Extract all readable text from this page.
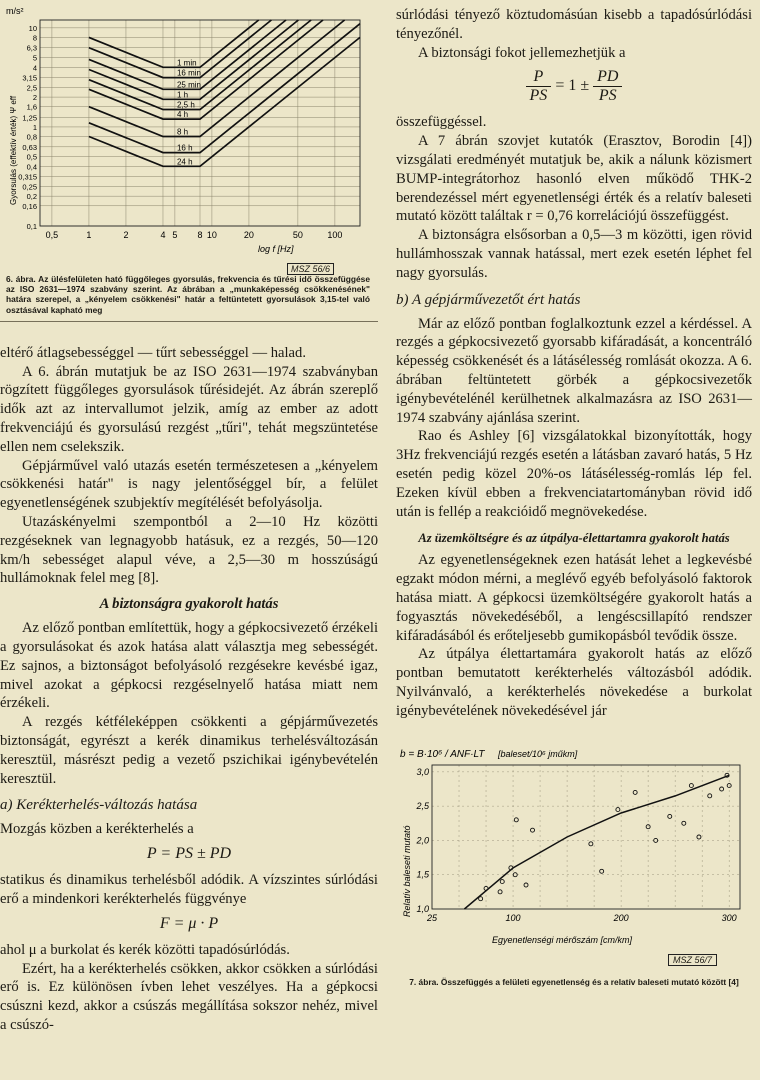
m/s²
Gyorsulás (effektív érték) Ψ eff
0,5	1	2	4 5 8 10	20	50	100
10
8
6,3
5
4
3,15
2,5
2
1,6
1,25
1
0,8
0,63
0,5
0,4
0,315
0,25
0,2
0,16
0,1
log f [Hz]
1 min
16 min
25 min
1 h
2,5 h
4 h
8 h
16 h
24 h
MSZ 56/6
6. ábra. Az ülésfelületen ható függőleges gyorsulás, frekvencia és tűrési idő összefüggése az ISO 2631—1974 szabvány szerint. Az ábrában a „munkaképesség csökkenésének" határa szerepel, a „kényelem csökkenési" határ a feltüntetett gyorsulások 3,15-tel való osztásával kapható meg

eltérő átlagsebességgel — tűrt sebességgel — halad.

A 6. ábrán mutatjuk be az ISO 2631—1974 szabványban rögzített függőleges gyorsulások tűrésidejét. Az ábrán szereplő idők azt az intervallumot jelzik, amíg az ember az adott frekvenciájú és gyorsulású rezgést „tűri", tehát megszüntetése ellen nem cselekszik.

Gépjárművel való utazás esetén természetesen a „kényelem csökkenési határ" is nagy jelentőséggel bír, a felület egyenetlenségének szubjektív megítélését befolyásolja.

Utazáskényelmi szempontból a 2—10 Hz közötti rezgéseknek van legnagyobb hatásuk, ez a rezgés, 50—120 km/h sebességet alapul véve, a 2,5—30 m hosszúságú hullámoknak felel meg [8].

A biztonságra gyakorolt hatás

Az előző pontban említettük, hogy a gépkocsivezető érzékeli a gyorsulásokat és azok hatása alatt választja meg sebességét. Ez sajnos, a biztonságot befolyásoló rezgésekre kevésbé igaz, mivel azokat a gépkocsi rezgéselnyelő hatása miatt nem érzékeli.

A rezgés kétféleképpen csökkenti a gépjárművezetés biztonságát, egyrészt a kerék dinamikus terhelésváltozásán keresztül, másrészt pedig a vezető pszichikai igénybevételén keresztül.

a) Kerékterhelés-változás hatása

Mozgás közben a kerékterhelés a

P = PS ± PD

statikus és dinamikus terhelésből adódik. A vízszintes súrlódási erő a mindenkori kerékterhelés függvénye

F = μ · P

ahol μ a burkolat és kerék közötti tapadósúrlódás.

Ezért, ha a kerékterhelés csökken, akkor csökken a súrlódási erő is. Ez különösen ívben lehet veszélyes. Ha a gépkocsi csúszni kezd, akkor a csúszás megállítása sokszor nehéz, mivel a csúszó-

súrlódási tényező köztudomásúan kisebb a tapadósúrlódási tényezőnél.

A biztonsági fokot jellemezhetjük a

$\frac{P}{PS} = 1 \pm \frac{PD}{PS}$

összefüggéssel.

A 7 ábrán szovjet kutatók (Erasztov, Borodin [4]) vizsgálati eredményét mutatjuk be, akik a nálunk közismert BUMP-integrátorhoz hasonló elven működő THK-2 berendezéssel mért egyenetlenségi érték és a relatív baleseti mutató között találtak r = 0,76 korrelációjú összefüggést.

A biztonságra elsősorban a 0,5—3 m közötti, igen rövid hullámhosszak vannak hatással, mert ezek esetén léphet fel nagy gyorsulás.

b) A gépjárművezetőt ért hatás

Már az előző pontban foglalkoztunk ezzel a kérdéssel. A rezgés a gépkocsivezető gyorsabb kifáradását, a koncentráló képesség csökkenését és a látásélesség romlását okozza. A 6. ábrában feltüntetett görbék a gépkocsivezetők igénybevételénél kerülhetnek alkalmazásra az ISO 2631—1974 szabvány ajánlása szerint.

Rao és Ashley [6] vizsgálatokkal bizonyították, hogy 3Hz frekvenciájú rezgés esetén a látásban zavaró hatás, 5 Hz esetén pedig közel 20%-os látásélesség-romlás lép fel. Ezeken kívül ebben a frekvenciatartományban rövid idő után is fellép a reakcióidő megnövekedése.

Az üzemköltségre és az útpálya-élettartamra gyakorolt hatás

Az egyenetlenségeknek ezen hatását lehet a legkevésbé egzakt módon mérni, a meglévő egyéb befolyásoló faktorok hatása miatt. A gépkocsi üzemköltségére gyakorolt hatás a fogyasztás növekedéséből, a lengéscsillapító rendszer kifáradásából és erőteljesebb gumikopásból tevődik össze.

Az útpálya élettartamára gyakorolt hatás az előző pontban bemutatott kerékterhelés változásból adódik. Nyilvánvaló, a kerékterhelés növekedése a burkolat igénybevételének növekedésével jár

b = B·10⁶ / ANF·LT [baleset/10⁶ jműkm]
Relatív baleseti mutató
Egyenetlenségi mérőszám [cm/km]
1,0
1,5
2,0
2,5
3,0
25	100	200	300
MSZ 56/7
7. ábra. Összefüggés a felületi egyenetlenség és a relatív baleseti mutató között [4]
